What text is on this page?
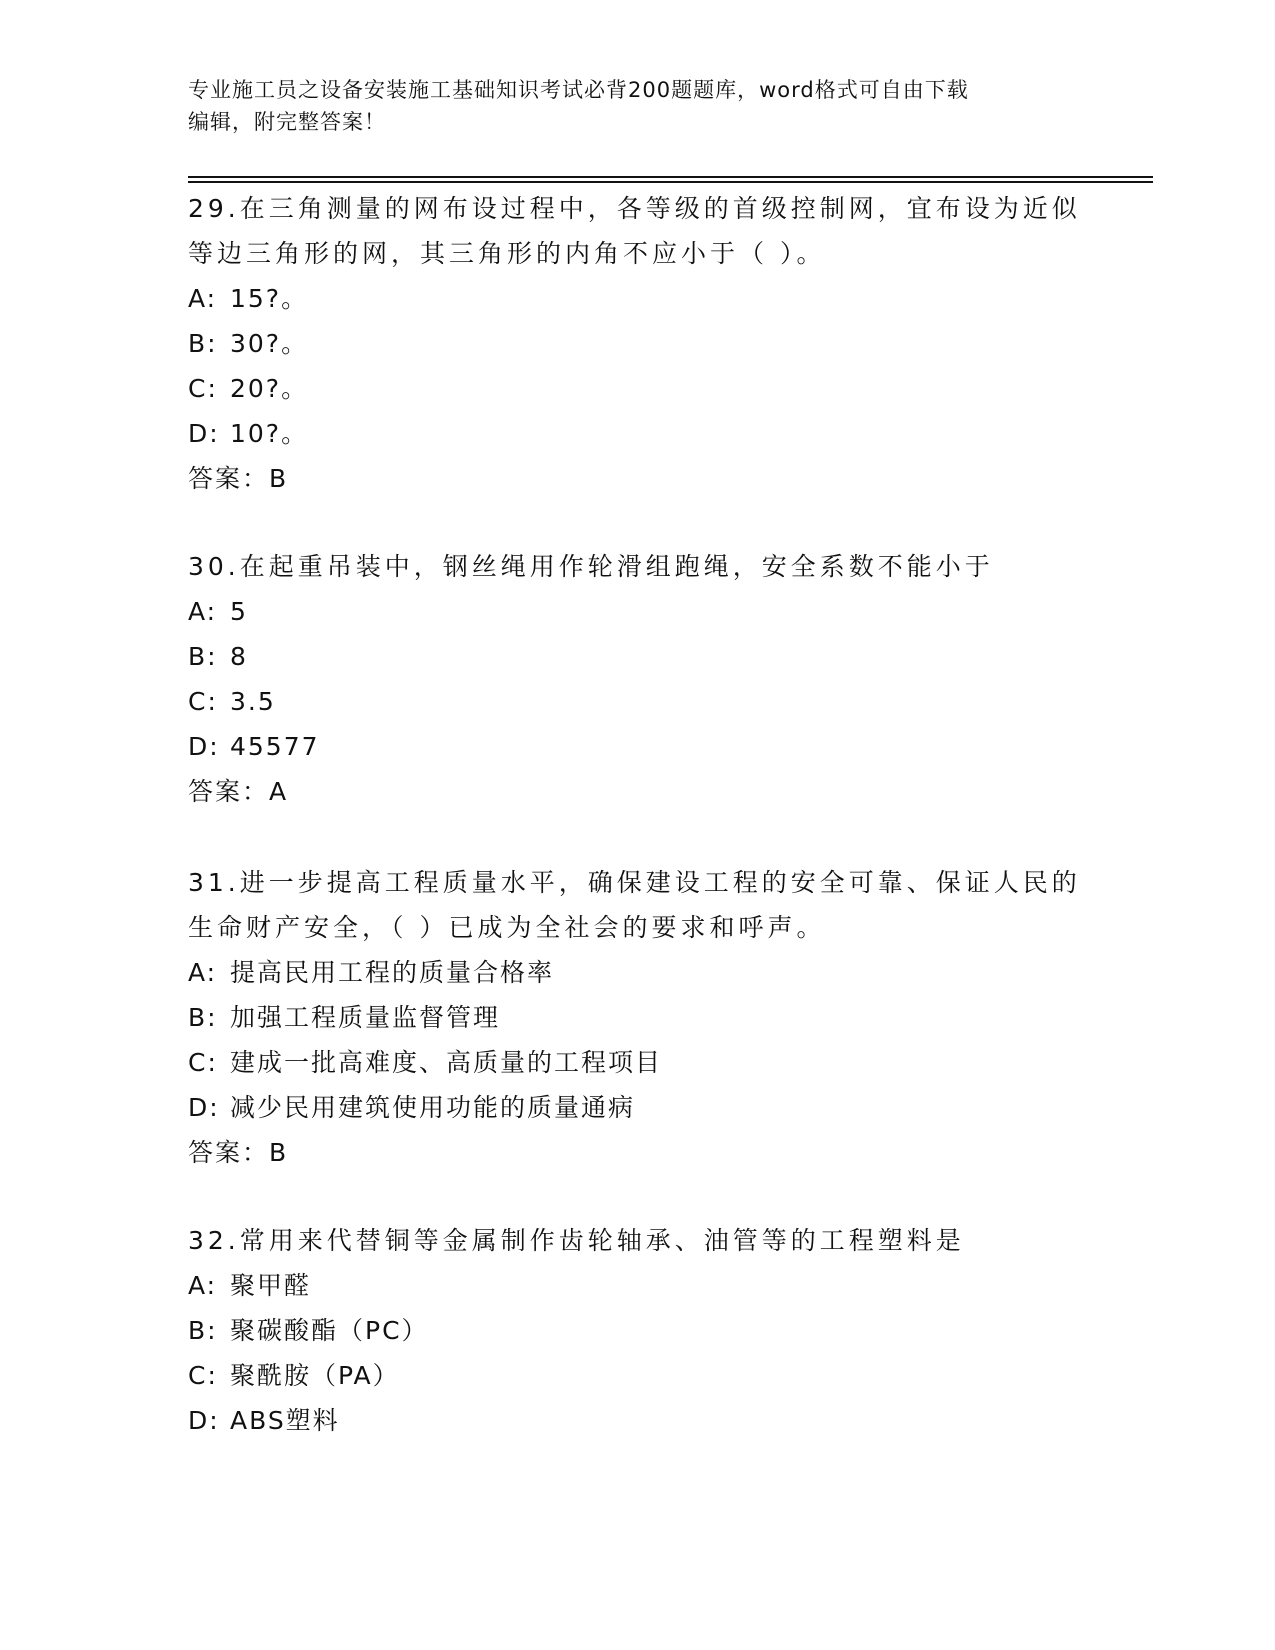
专业施工员之设备安装施工基础知识考试必背200题题库，word格式可自由下载
编辑，附完整答案！

29.在三角测量的网布设过程中，各等级的首级控制网，宜布设为近似

等边三角形的网，其三角形的内角不应小于（ ）。

A: 15?。

B: 30?。

C: 20?。

D: 10?。

答案：B

30.在起重吊装中，钢丝绳用作轮滑组跑绳，安全系数不能小于

A: 5

B: 8

C: 3.5

D: 45577

答案：A

31.进一步提高工程质量水平，确保建设工程的安全可靠、保证人民的

生命财产安全，（ ）已成为全社会的要求和呼声。

A: 提高民用工程的质量合格率

B: 加强工程质量监督管理

C: 建成一批高难度、高质量的工程项目

D: 减少民用建筑使用功能的质量通病

答案：B

32.常用来代替铜等金属制作齿轮轴承、油管等的工程塑料是

A: 聚甲醛

B: 聚碳酸酯（PC）

C: 聚酰胺（PA）

D: ABS塑料
